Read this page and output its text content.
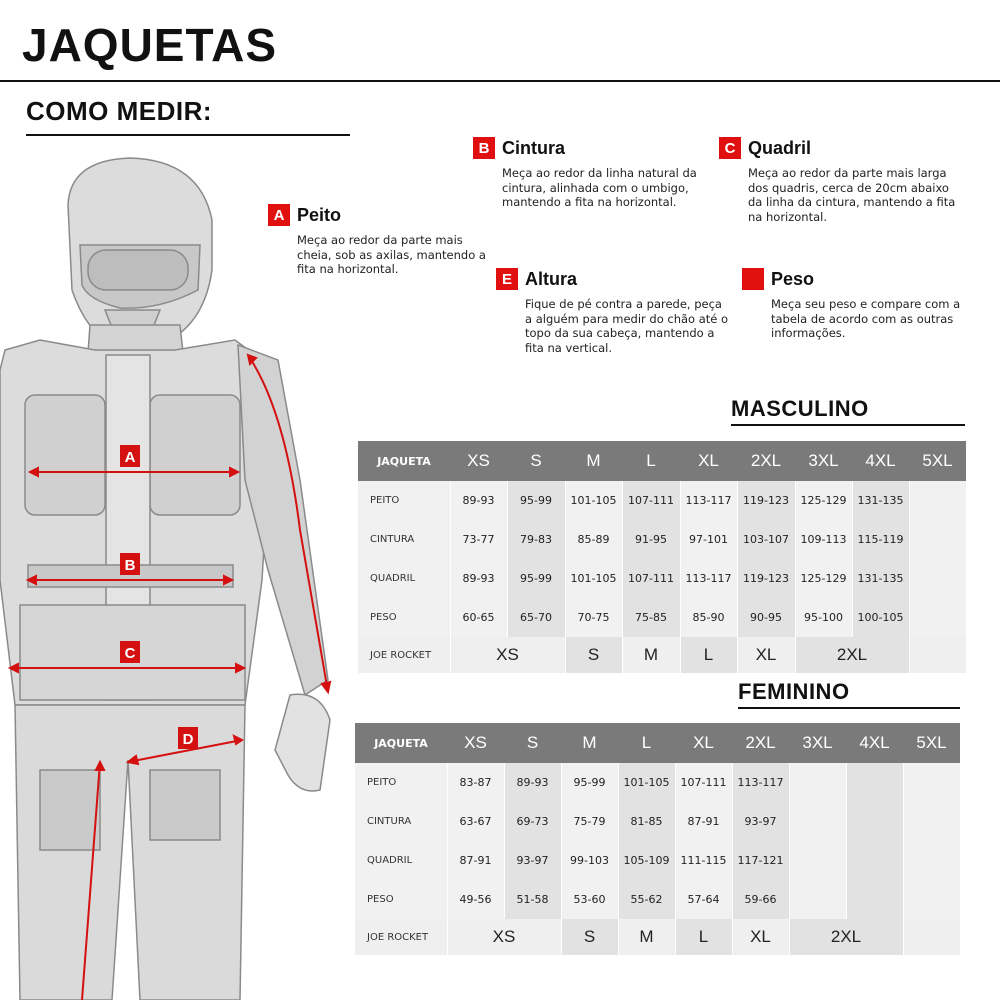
JAQUETAS
COMO MEDIR:
A
B
C
D
A Peito
Meça ao redor da parte mais
cheia, sob as axilas, mantendo a
fita na horizontal.
B Cintura
Meça ao redor da linha natural da
cintura, alinhada com o umbigo,
mantendo a fita na horizontal.
C Quadril
Meça ao redor da parte mais larga
dos quadris, cerca de 20cm abaixo
da linha da cintura, mantendo a fita
na horizontal.
E Altura
Fique de pé contra a parede, peça
a alguém para medir do chão até o
topo da sua cabeça, mantendo a
fita na vertical.
Peso
Meça seu peso e compare com a
tabela de acordo com as outras
informações.
MASCULINO
JAQUETA	XS	S	M	L	XL	2XL	3XL	4XL	5XL
PEITO	89-93	95-99	101-105	107-111	113-117	119-123	125-129	131-135	
CINTURA	73-77	79-83	85-89	91-95	97-101	103-107	109-113	115-119	
QUADRIL	89-93	95-99	101-105	107-111	113-117	119-123	125-129	131-135	
PESO	60-65	65-70	70-75	75-85	85-90	90-95	95-100	100-105	
JOE ROCKET	XS		S	M	L	XL	2XL		
FEMININO
JAQUETA	XS	S	M	L	XL	2XL	3XL	4XL	5XL
PEITO	83-87	89-93	95-99	101-105	107-111	113-117			
CINTURA	63-67	69-73	75-79	81-85	87-91	93-97			
QUADRIL	87-91	93-97	99-103	105-109	111-115	117-121			
PESO	49-56	51-58	53-60	55-62	57-64	59-66			
JOE ROCKET	XS		S	M	L	XL	2XL		
